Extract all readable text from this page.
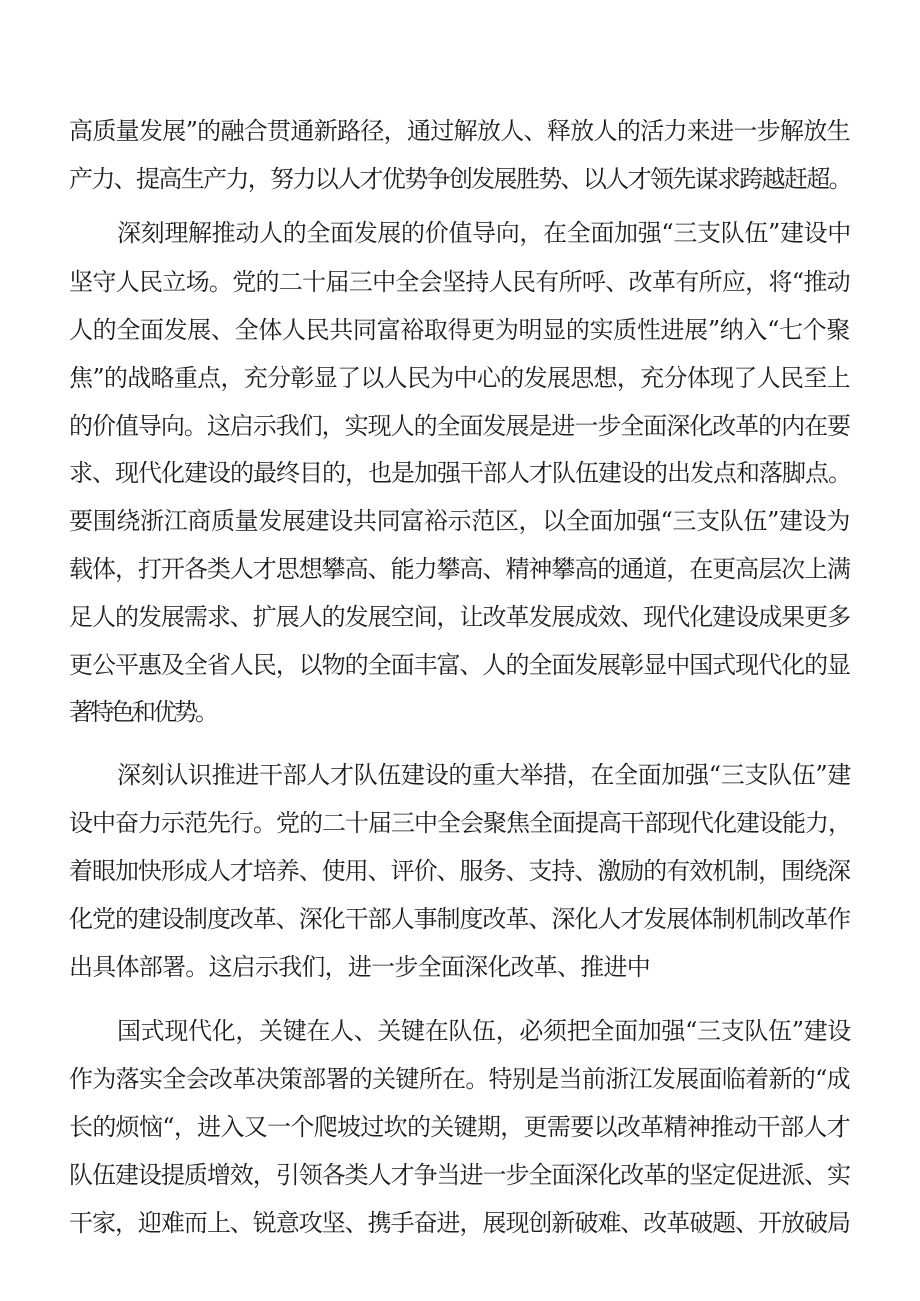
高质量发展”的融合贯通新路径，通过解放人、释放人的活力来进一步解放生
产力、提高生产力，努力以人才优势争创发展胜势、以人才领先谋求跨越赶超。
深刻理解推动人的全面发展的价值导向，在全面加强“三支队伍”建设中
坚守人民立场。党的二十届三中全会坚持人民有所呼、改革有所应，将“推动
人的全面发展、全体人民共同富裕取得更为明显的实质性进展”纳入“七个聚
焦”的战略重点，充分彰显了以人民为中心的发展思想，充分体现了人民至上
的价值导向。这启示我们，实现人的全面发展是进一步全面深化改革的内在要
求、现代化建设的最终目的，也是加强干部人才队伍建设的出发点和落脚点。
要围绕浙江商质量发展建设共同富裕示范区，以全面加强“三支队伍”建设为
载体，打开各类人才思想攀高、能力攀高、精神攀高的通道，在更高层次上满
足人的发展需求、扩展人的发展空间，让改革发展成效、现代化建设成果更多
更公平惠及全省人民，以物的全面丰富、人的全面发展彰显中国式现代化的显
著特色和优势。
深刻认识推进干部人才队伍建设的重大举措，在全面加强“三支队伍”建
设中奋力示范先行。党的二十届三中全会聚焦全面提高干部现代化建设能力，
着眼加快形成人才培养、使用、评价、服务、支持、激励的有效机制，围绕深
化党的建设制度改革、深化干部人事制度改革、深化人才发展体制机制改革作
出具体部署。这启示我们，进一步全面深化改革、推进中
国式现代化，关键在人、关键在队伍，必须把全面加强“三支队伍”建设
作为落实全会改革决策部署的关键所在。特别是当前浙江发展面临着新的“成
长的烦恼“，进入又一个爬坡过坎的关键期，更需要以改革精神推动干部人才
队伍建设提质增效，引领各类人才争当进一步全面深化改革的坚定促进派、实
干家，迎难而上、锐意攻坚、携手奋进，展现创新破难、改革破题、开放破局
